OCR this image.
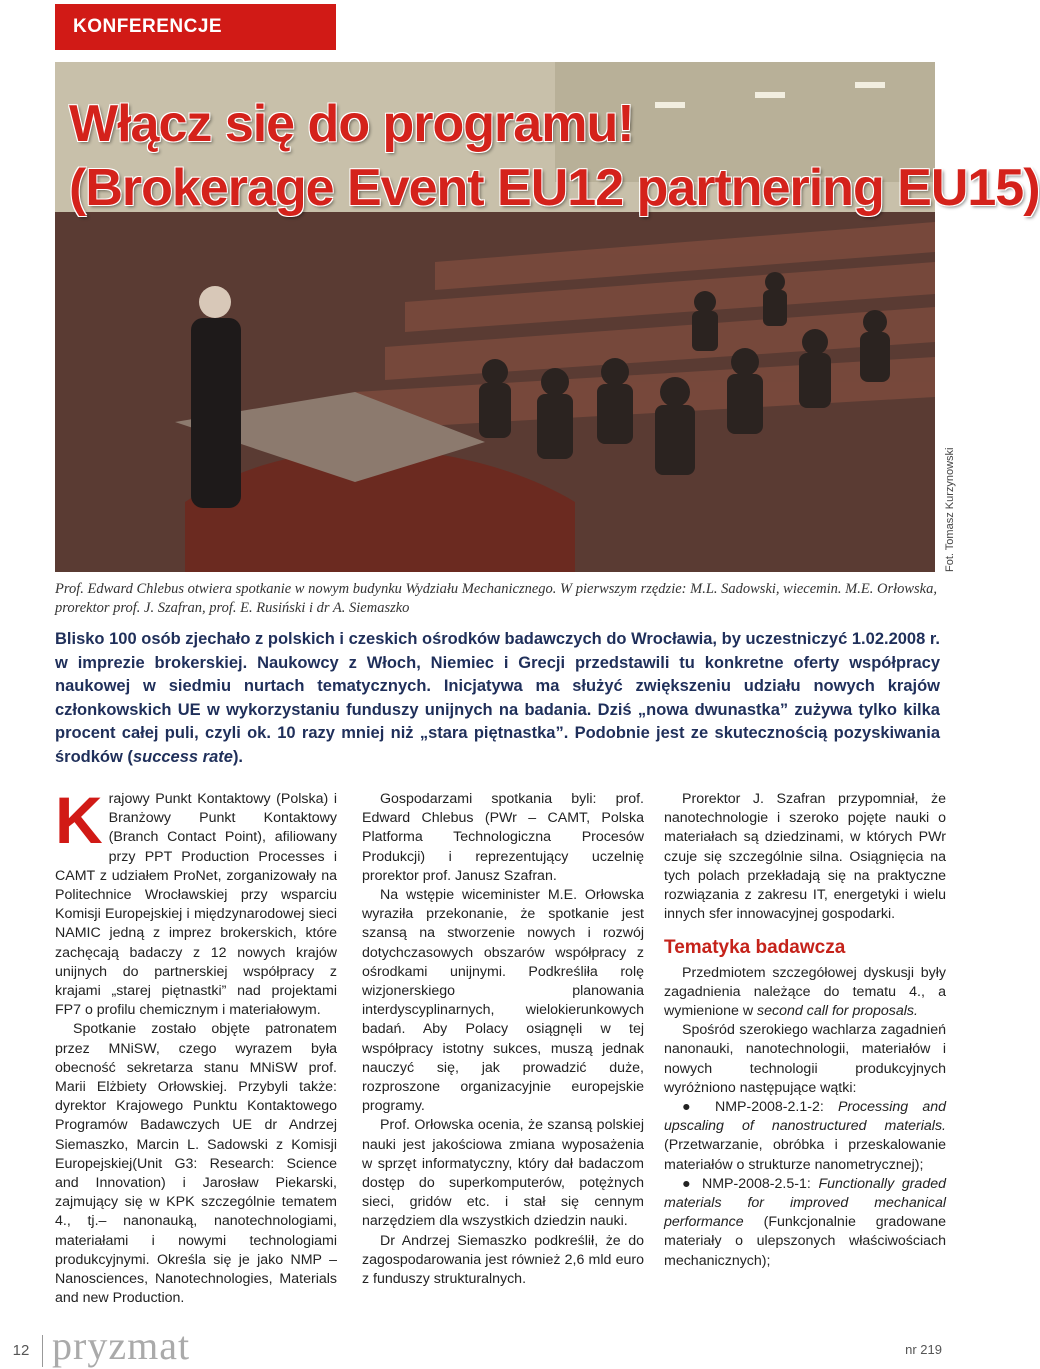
KONFERENCJE
Włącz się do programu!
(Brokerage Event EU12 partnering EU15)
Fot. Tomasz Kurzynowski
Prof. Edward Chlebus otwiera spotkanie w nowym budynku Wydziału Mechanicznego. W pierwszym rzędzie: M.L. Sadowski, wiecemin. M.E. Orłowska, prorektor prof. J. Szafran, prof. E. Rusiński i dr A. Siemaszko
Blisko 100 osób zjechało z polskich i czeskich ośrodków badawczych do Wrocławia, by uczestniczyć 1.02.2008 r. w imprezie brokerskiej. Naukowcy z Włoch, Niemiec i Grecji przedstawili tu konkretne oferty współpracy naukowej w siedmiu nurtach tematycznych. Inicjatywa ma służyć zwiększeniu udziału nowych krajów członkowskich UE w wykorzystaniu funduszy unijnych na badania. Dziś „nowa dwunastka” zużywa tylko kilka procent całej puli, czyli ok. 10 razy mniej niż „stara piętnastka”. Podobnie jest ze skutecznością pozyskiwania środków (success rate).

Krajowy Punkt Kontaktowy (Polska) i Branżowy Punkt Kontaktowy (Branch Contact Point), afiliowany przy PPT Production Processes i CAMT z udziałem ProNet, zorganizowały na Politechnice Wrocławskiej przy wsparciu Komisji Europejskiej i międzynarodowej sieci NAMIC jedną z imprez brokerskich, które zachęcają badaczy z 12 nowych krajów unijnych do partnerskiej współpracy z krajami „starej piętnastki” nad projektami FP7 o profilu chemicznym i materiałowym.

Spotkanie zostało objęte patronatem przez MNiSW, czego wyrazem była obecność sekretarza stanu MNiSW prof. Marii Elżbiety Orłowskiej. Przybyli także: dyrektor Krajowego Punktu Kontaktowego Programów Badawczych UE dr Andrzej Siemaszko, Marcin L. Sadowski z Komisji Europejskiej(Unit G3: Research: Science and Innovation) i Jarosław Piekarski, zajmujący się w KPK szczególnie tematem 4., tj.– nanonauką, nanotechnologiami, materiałami i nowymi technologiami produkcyjnymi. Określa się je jako NMP – Nanosciences, Nanotechnologies, Materials and new Production.

Gospodarzami spotkania byli: prof. Edward Chlebus (PWr – CAMT, Polska Platforma Technologiczna Procesów Produkcji) i reprezentujący uczelnię prorektor prof. Janusz Szafran.

Na wstępie wiceminister M.E. Orłowska wyraziła przekonanie, że spotkanie jest szansą na stworzenie nowych i rozwój dotychczasowych obszarów współpracy z ośrodkami unijnymi. Podkreśliła rolę wizjonerskiego planowania interdyscyplinarnych, wielokierunkowych badań. Aby Polacy osiągnęli w tej współpracy istotny sukces, muszą jednak nauczyć się, jak prowadzić duże, rozproszone organizacyjnie europejskie programy.

Prof. Orłowska ocenia, że szansą polskiej nauki jest jakościowa zmiana wyposażenia w sprzęt informatyczny, który dał badaczom dostęp do superkomputerów, potężnych sieci, gridów etc. i stał się cennym narzędziem dla wszystkich dziedzin nauki.

Dr Andrzej Siemaszko podkreślił, że do zagospodarowania jest również 2,6 mld euro z funduszy strukturalnych.

Prorektor J. Szafran przypomniał, że nanotechnologie i szeroko pojęte nauki o materiałach są dziedzinami, w których PWr czuje się szczególnie silna. Osiągnięcia na tych polach przekładają się na praktyczne rozwiązania z zakresu IT, energetyki i wielu innych sfer innowacyjnej gospodarki.

Tematyka badawcza

Przedmiotem szczegółowej dyskusji były zagadnienia należące do tematu 4., a wymienione w second call for proposals.

Spośród szerokiego wachlarza zagadnień nanonauki, nanotechnologii, materiałów i nowych technologii produkcyjnych wyróżniono następujące wątki:

● NMP-2008-2.1-2: Processing and upscaling of nanostructured materials. (Przetwarzanie, obróbka i przeskalowanie materiałów o strukturze nanometrycznej);

● NMP-2008-2.5-1: Functionally graded materials for improved mechanical performance (Funkcjonalnie gradowane materiały o ulepszonych właściwościach mechanicznych);

12 pryzmat	nr 219
